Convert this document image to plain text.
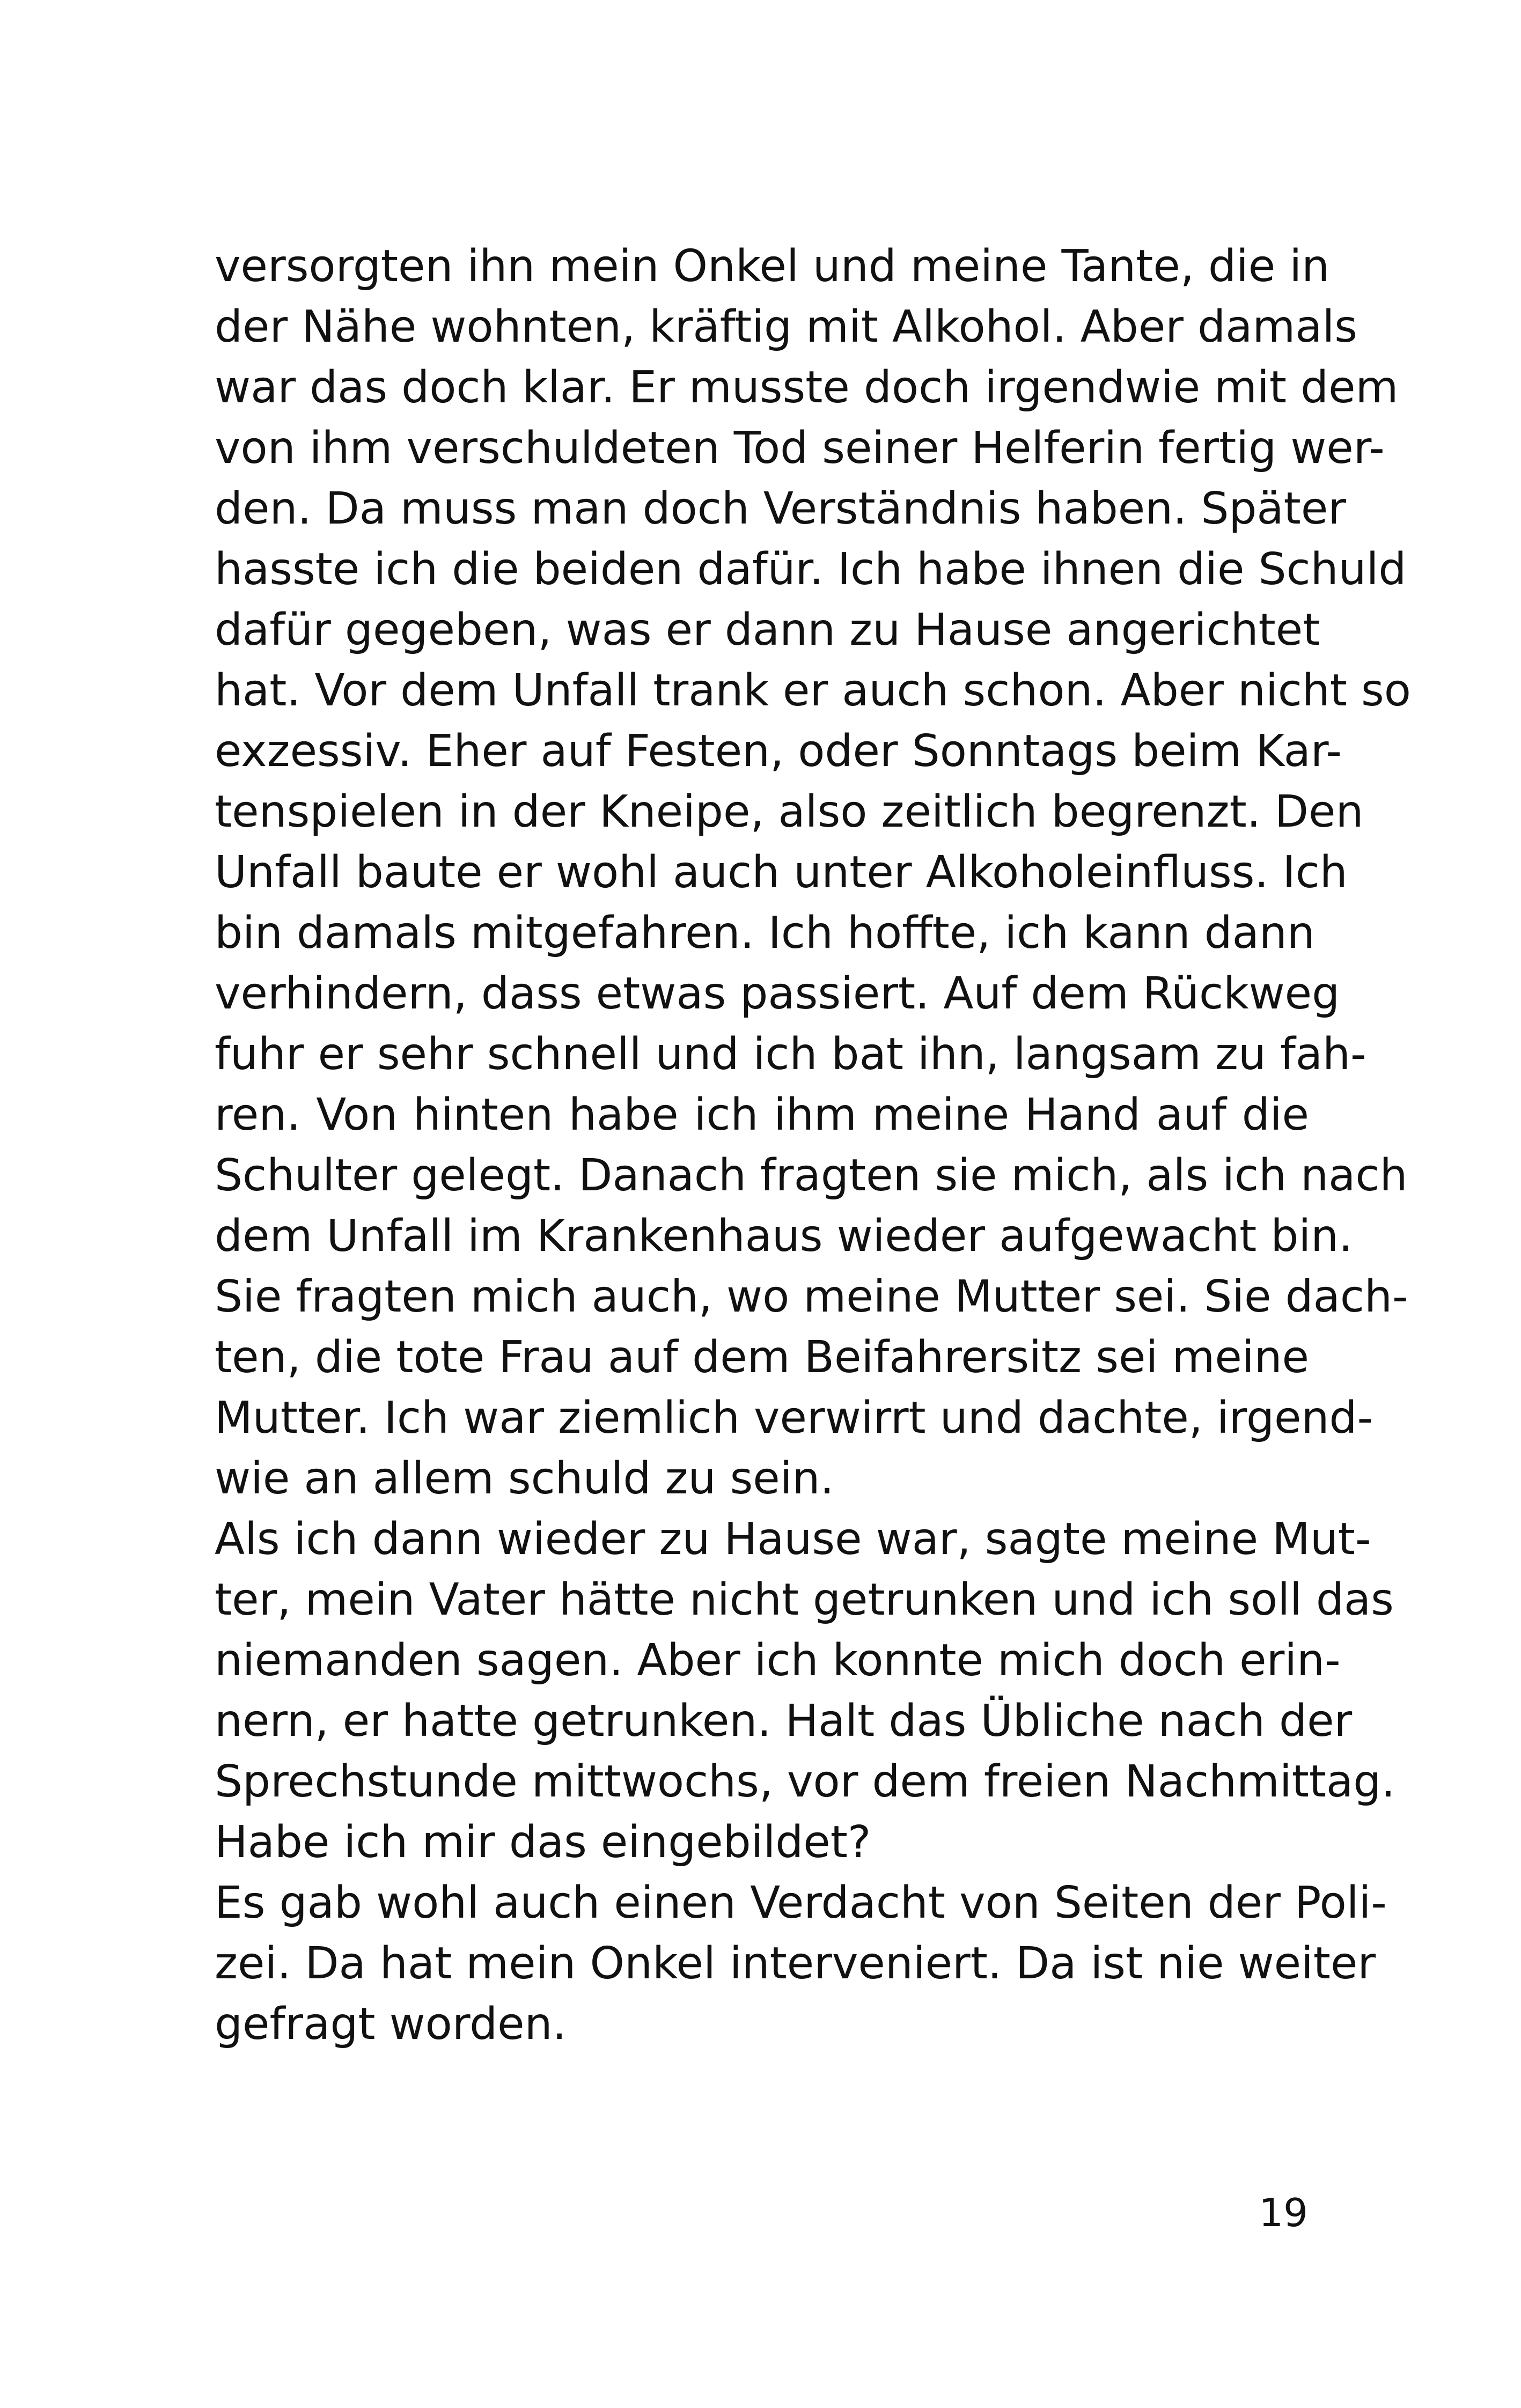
versorgten ihn mein Onkel und meine Tante, die in
der Nähe wohnten, kräftig mit Alkohol. Aber damals
war das doch klar. Er musste doch irgendwie mit dem
von ihm verschuldeten Tod seiner Helferin fertig wer-
den. Da muss man doch Verständnis haben. Später
hasste ich die beiden dafür. Ich habe ihnen die Schuld
dafür gegeben, was er dann zu Hause angerichtet
hat. Vor dem Unfall trank er auch schon. Aber nicht so
exzessiv. Eher auf Festen, oder Sonntags beim Kar-
tenspielen in der Kneipe, also zeitlich begrenzt. Den
Unfall baute er wohl auch unter Alkoholeinfluss. Ich
bin damals mitgefahren. Ich hoffte, ich kann dann
verhindern, dass etwas passiert. Auf dem Rückweg
fuhr er sehr schnell und ich bat ihn, langsam zu fah-
ren. Von hinten habe ich ihm meine Hand auf die
Schulter gelegt. Danach fragten sie mich, als ich nach
dem Unfall im Krankenhaus wieder aufgewacht bin.
Sie fragten mich auch, wo meine Mutter sei. Sie dach-
ten, die tote Frau auf dem Beifahrersitz sei meine
Mutter. Ich war ziemlich verwirrt und dachte, irgend-
wie an allem schuld zu sein.

Als ich dann wieder zu Hause war, sagte meine Mut-
ter, mein Vater hätte nicht getrunken und ich soll das
niemanden sagen. Aber ich konnte mich doch erin-
nern, er hatte getrunken. Halt das Übliche nach der
Sprechstunde mittwochs, vor dem freien Nachmittag.
Habe ich mir das eingebildet?

Es gab wohl auch einen Verdacht von Seiten der Poli-
zei. Da hat mein Onkel interveniert. Da ist nie weiter
gefragt worden.

19
